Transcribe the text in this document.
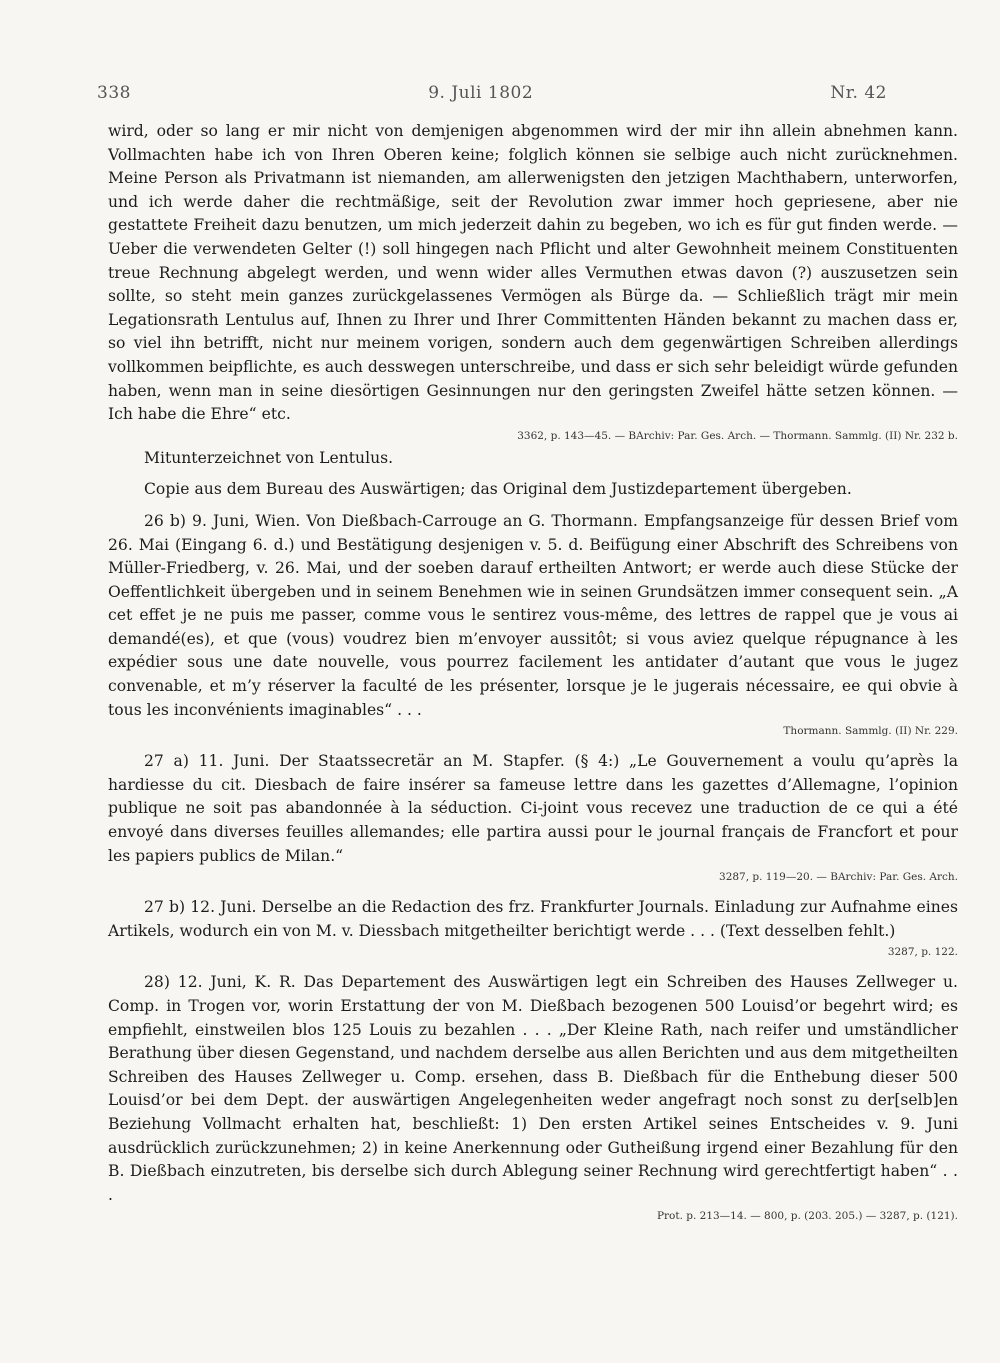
338	9. Juli 1802	Nr. 42

wird, oder so lang er mir nicht von demjenigen abgenommen wird der mir ihn allein abnehmen kann. Vollmachten habe ich von Ihren Oberen keine; folglich können sie selbige auch nicht zurücknehmen. Meine Person als Privatmann ist niemanden, am allerwenigsten den jetzigen Machthabern, unterworfen, und ich werde daher die rechtmäßige, seit der Revolution zwar immer hoch gepriesene, aber nie gestattete Freiheit dazu benutzen, um mich jederzeit dahin zu begeben, wo ich es für gut finden werde. — Ueber die verwendeten Gelter (!) soll hingegen nach Pflicht und alter Gewohnheit meinem Constituenten treue Rechnung abgelegt werden, und wenn wider alles Vermuthen etwas davon (?) auszusetzen sein sollte, so steht mein ganzes zurückgelassenes Vermögen als Bürge da. — Schließlich trägt mir mein Legationsrath Lentulus auf, Ihnen zu Ihrer und Ihrer Committenten Händen bekannt zu machen dass er, so viel ihn betrifft, nicht nur meinem vorigen, sondern auch dem gegenwärtigen Schreiben allerdings vollkommen beipflichte, es auch desswegen unterschreibe, und dass er sich sehr beleidigt würde gefunden haben, wenn man in seine diesörtigen Gesinnungen nur den geringsten Zweifel hätte setzen können. — Ich habe die Ehre“ etc.

3362, p. 143—45. — BArchiv: Par. Ges. Arch. — Thormann. Sammlg. (II) Nr. 232 b.

Mitunterzeichnet von Lentulus.

Copie aus dem Bureau des Auswärtigen; das Original dem Justizdepartement übergeben.

26 b) 9. Juni, Wien. Von Dießbach-Carrouge an G. Thormann. Empfangsanzeige für dessen Brief vom 26. Mai (Eingang 6. d.) und Bestätigung desjenigen v. 5. d. Beifügung einer Abschrift des Schreibens von Müller-Friedberg, v. 26. Mai, und der soeben darauf ertheilten Antwort; er werde auch diese Stücke der Oeffentlichkeit übergeben und in seinem Benehmen wie in seinen Grundsätzen immer consequent sein. „A cet effet je ne puis me passer, comme vous le sentirez vous-même, des lettres de rappel que je vous ai demandé(es), et que (vous) voudrez bien m’envoyer aussitôt; si vous aviez quelque répugnance à les expédier sous une date nouvelle, vous pourrez facilement les antidater d’autant que vous le jugez convenable, et m’y réserver la faculté de les présenter, lorsque je le jugerais nécessaire, ee qui obvie à tous les inconvénients imaginables“ . . .

Thormann. Sammlg. (II) Nr. 229.

27 a) 11. Juni. Der Staatssecretär an M. Stapfer. (§ 4:) „Le Gouvernement a voulu qu’après la hardiesse du cit. Diesbach de faire insérer sa fameuse lettre dans les gazettes d’Allemagne, l’opinion publique ne soit pas abandonnée à la séduction. Ci-joint vous recevez une traduction de ce qui a été envoyé dans diverses feuilles allemandes; elle partira aussi pour le journal français de Francfort et pour les papiers publics de Milan.“

3287, p. 119—20. — BArchiv: Par. Ges. Arch.

27 b) 12. Juni. Derselbe an die Redaction des frz. Frankfurter Journals. Einladung zur Aufnahme eines Artikels, wodurch ein von M. v. Diessbach mitgetheilter berichtigt werde . . . (Text desselben fehlt.)

3287, p. 122.

28) 12. Juni, K. R. Das Departement des Auswärtigen legt ein Schreiben des Hauses Zellweger u. Comp. in Trogen vor, worin Erstattung der von M. Dießbach bezogenen 500 Louisd’or begehrt wird; es empfiehlt, einstweilen blos 125 Louis zu bezahlen . . . „Der Kleine Rath, nach reifer und umständlicher Berathung über diesen Gegenstand, und nachdem derselbe aus allen Berichten und aus dem mitgetheilten Schreiben des Hauses Zellweger u. Comp. ersehen, dass B. Dießbach für die Enthebung dieser 500 Louisd’or bei dem Dept. der auswärtigen Angelegenheiten weder angefragt noch sonst zu der[selb]en Beziehung Vollmacht erhalten hat, beschließt: 1) Den ersten Artikel seines Entscheides v. 9. Juni ausdrücklich zurückzunehmen; 2) in keine Anerkennung oder Gutheißung irgend einer Bezahlung für den B. Dießbach einzutreten, bis derselbe sich durch Ablegung seiner Rechnung wird gerechtfertigt haben“ . . .

Prot. p. 213—14. — 800, p. (203. 205.) — 3287, p. (121).
